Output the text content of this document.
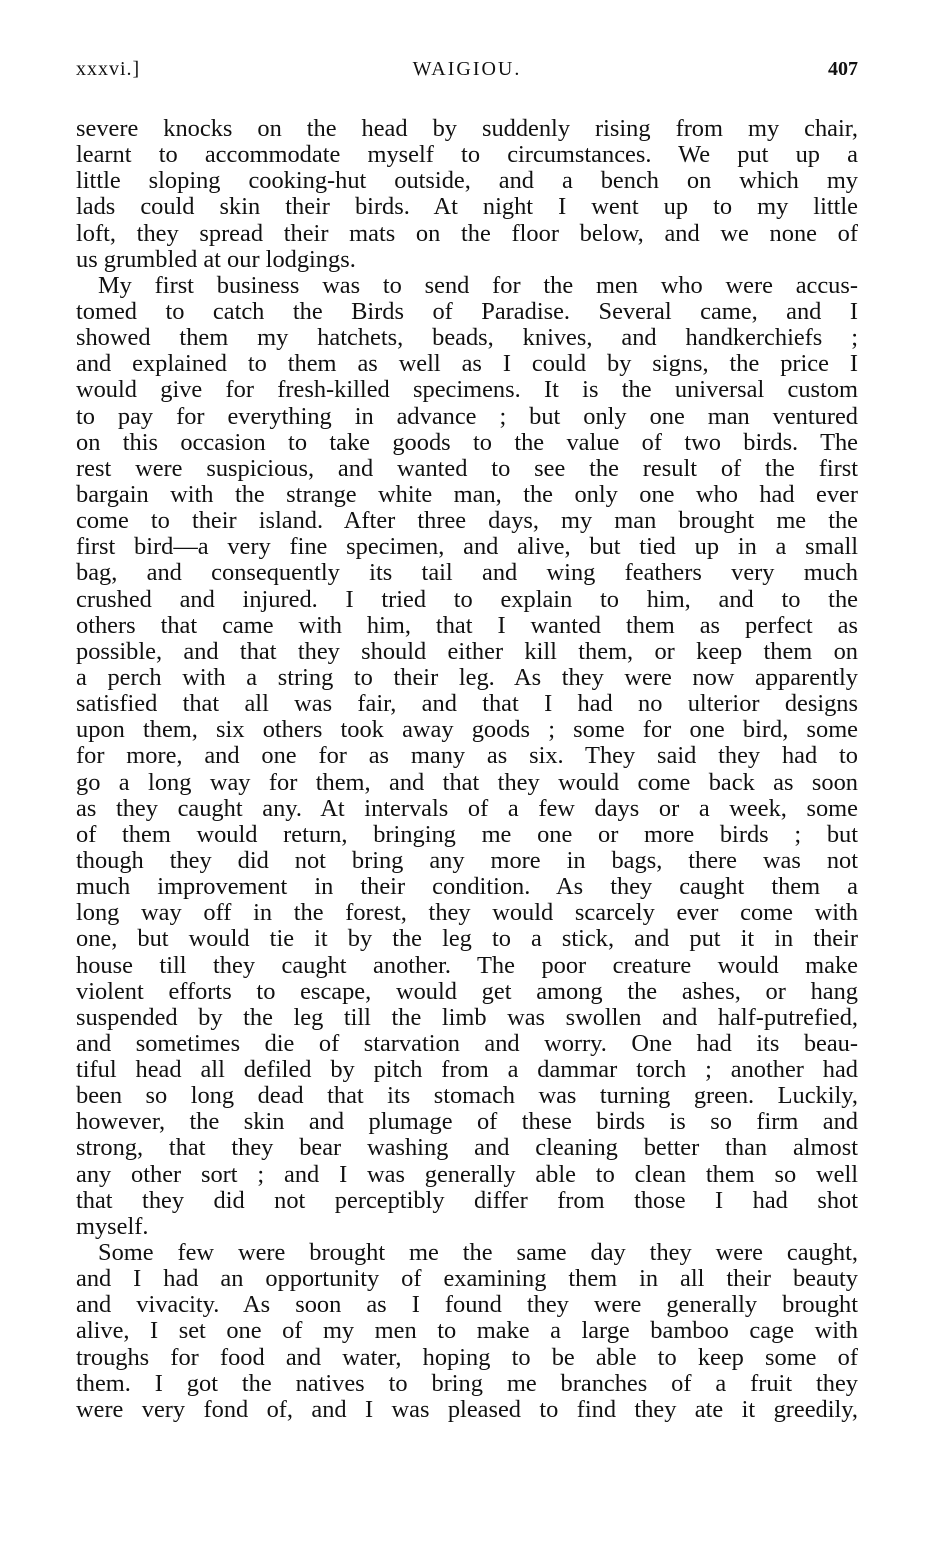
xxxvi.]	WAIGIOU.	407
severe knocks on the head by suddenly rising from my chair,
learnt to accommodate myself to circumstances. We put up a
little sloping cooking-hut outside, and a bench on which my
lads could skin their birds. At night I went up to my little
loft, they spread their mats on the floor below, and we none of
us grumbled at our lodgings.
My first business was to send for the men who were accus-
tomed to catch the Birds of Paradise. Several came, and I
showed them my hatchets, beads, knives, and handkerchiefs ;
and explained to them as well as I could by signs, the price I
would give for fresh-killed specimens. It is the universal custom
to pay for everything in advance ; but only one man ventured
on this occasion to take goods to the value of two birds. The
rest were suspicious, and wanted to see the result of the first
bargain with the strange white man, the only one who had ever
come to their island. After three days, my man brought me the
first bird—a very fine specimen, and alive, but tied up in a small
bag, and consequently its tail and wing feathers very much
crushed and injured. I tried to explain to him, and to the
others that came with him, that I wanted them as perfect as
possible, and that they should either kill them, or keep them on
a perch with a string to their leg. As they were now apparently
satisfied that all was fair, and that I had no ulterior designs
upon them, six others took away goods ; some for one bird, some
for more, and one for as many as six. They said they had to
go a long way for them, and that they would come back as soon
as they caught any. At intervals of a few days or a week, some
of them would return, bringing me one or more birds ; but
though they did not bring any more in bags, there was not
much improvement in their condition. As they caught them a
long way off in the forest, they would scarcely ever come with
one, but would tie it by the leg to a stick, and put it in their
house till they caught another. The poor creature would make
violent efforts to escape, would get among the ashes, or hang
suspended by the leg till the limb was swollen and half-putrefied,
and sometimes die of starvation and worry. One had its beau-
tiful head all defiled by pitch from a dammar torch ; another had
been so long dead that its stomach was turning green. Luckily,
however, the skin and plumage of these birds is so firm and
strong, that they bear washing and cleaning better than almost
any other sort ; and I was generally able to clean them so well
that they did not perceptibly differ from those I had shot
myself.
Some few were brought me the same day they were caught,
and I had an opportunity of examining them in all their beauty
and vivacity. As soon as I found they were generally brought
alive, I set one of my men to make a large bamboo cage with
troughs for food and water, hoping to be able to keep some of
them. I got the natives to bring me branches of a fruit they
were very fond of, and I was pleased to find they ate it greedily,
